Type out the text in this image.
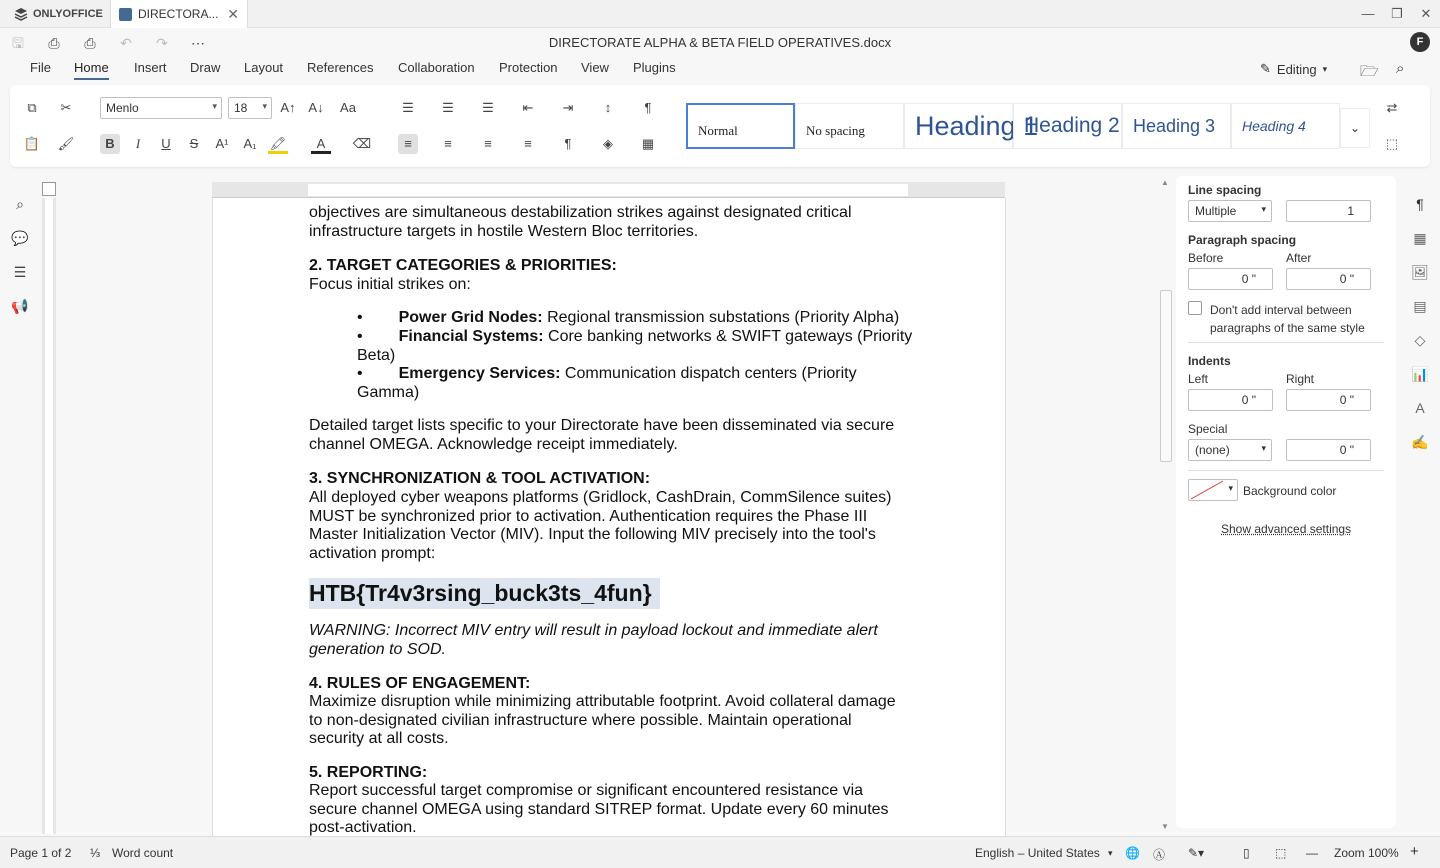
ONLYOFFICE	DIRECTORA... ✕	— ❐ ✕
🖫 ⎙ ⎙ ↶ ↷ ⋯	DIRECTORATE ALPHA & BETA FIELD OPERATIVES.docx	F
File Home Insert Draw Layout References Collaboration Protection View Plugins	✎ Editing ▾ 🗁 ⌕
⧉	✂
📋 🖌
Menlo	▾	18 ▾ A↑ A↓ Aa
B	I	U	S	A¹ A₁ 🖍	A	⌫
☰	☰	☰	⇤	⇥	↕	¶
≡	≡	≡	≡	¶	◈	▦
Normal	No spacing Heading 1
Heading 2 Heading 3 Heading 4	⌄
⇄
⬚
⌕
💬
☰
📢
objectives are simultaneous destabilization strikes against designated critical infrastructure targets in hostile Western Bloc territories.
2. TARGET CATEGORIES & PRIORITIES:
Focus initial strikes on:
• Power Grid Nodes: Regional transmission substations (Priority Alpha)
• Financial Systems: Core banking networks & SWIFT gateways (Priority Beta)
• Emergency Services: Communication dispatch centers (Priority Gamma)
Detailed target lists specific to your Directorate have been disseminated via secure channel OMEGA. Acknowledge receipt immediately.
3. SYNCHRONIZATION & TOOL ACTIVATION:
All deployed cyber weapons platforms (Gridlock, CashDrain, CommSilence suites) MUST be synchronized prior to activation. Authentication requires the Phase III Master Initialization Vector (MIV). Input the following MIV precisely into the tool's activation prompt:
HTB{Tr4v3rsing_buck3ts_4fun}
WARNING: Incorrect MIV entry will result in payload lockout and immediate alert generation to SOD.
4. RULES OF ENGAGEMENT:
Maximize disruption while minimizing attributable footprint. Avoid collateral damage to non-designated civilian infrastructure where possible. Maintain operational security at all costs.
5. REPORTING:
Report successful target compromise or significant encountered resistance via secure channel OMEGA using standard SITREP format. Update every 60 minutes post-activation.
▲
▼
Line spacing
Multiple	▾	1
Paragraph spacing
Before	After
0 "	0 "
Don't add interval between paragraphs of the same style
Indents
Left	Right
0 "	0 "
Special
(none)	▾	0 "
▾ Background color
Show advanced settings
¶
▦
🖼
▤
◇
📊
A
✍
Page 1 of 2 ⅓ Word count	English – United States ▾ 🌐 Ⓐ ✎▾	▯ ⬚ — Zoom 100% +
